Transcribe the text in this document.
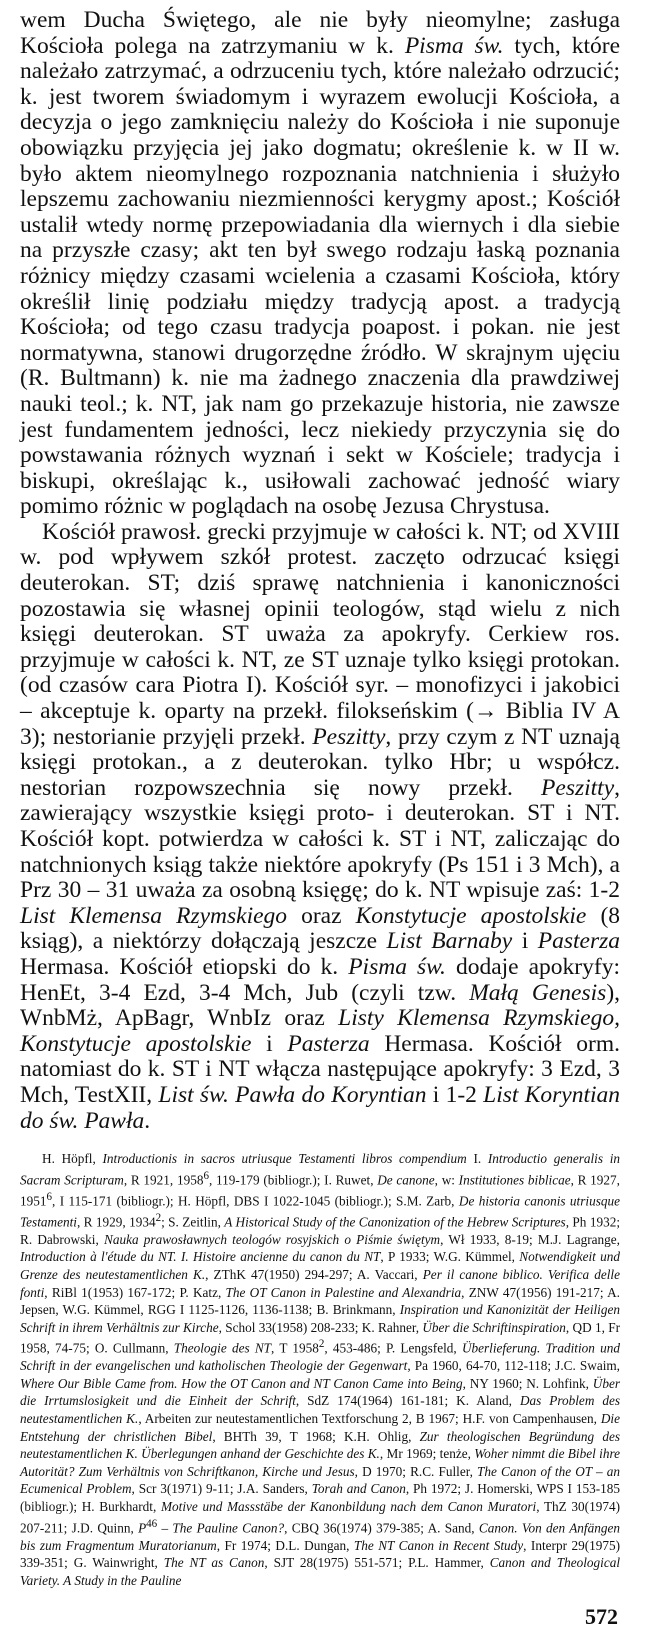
wem Ducha Świętego, ale nie były nieomylne; zasługa Kościoła polega na zatrzymaniu w k. Pisma św. tych, które należało zatrzymać, a odrzuceniu tych, które należało odrzucić; k. jest tworem świadomym i wyrazem ewolucji Kościoła, a decyzja o jego zamknięciu należy do Kościoła i nie suponuje obowiązku przyjęcia jej jako dogmatu; określenie k. w II w. było aktem nieomylnego rozpoznania natchnienia i służyło lepszemu zachowaniu niezmienności kerygmy apost.; Kościół ustalił wtedy normę przepowiadania dla wiernych i dla siebie na przyszłe czasy; akt ten był swego rodzaju łaską poznania różnicy między czasami wcielenia a czasami Kościoła, który określił linię podziału między tradycją apost. a tradycją Kościoła; od tego czasu tradycja poapost. i pokan. nie jest normatywna, stanowi drugorzędne źródło. W skrajnym ujęciu (R. Bultmann) k. nie ma żadnego znaczenia dla prawdziwej nauki teol.; k. NT, jak nam go przekazuje historia, nie zawsze jest fundamentem jedności, lecz niekiedy przyczynia się do powstawania różnych wyznań i sekt w Kościele; tradycja i biskupi, określając k., usiłowali zachować jedność wiary pomimo różnic w poglądach na osobę Jezusa Chrystusa.

Kościół prawosł. grecki przyjmuje w całości k. NT; od XVIII w. pod wpływem szkół protest. zaczęto odrzucać księgi deuterokan. ST; dziś sprawę natchnienia i kanoniczności pozostawia się własnej opinii teologów, stąd wielu z nich księgi deuterokan. ST uważa za apokryfy. Cerkiew ros. przyjmuje w całości k. NT, ze ST uznaje tylko księgi protokan. (od czasów cara Piotra I). Kościół syr. – monofizyci i jakobici – akceptuje k. oparty na przekł. filokseńskim (→ Biblia IV A 3); nestorianie przyjęli przekł. Peszitty, przy czym z NT uznają księgi protokan., a z deuterokan. tylko Hbr; u współcz. nestorian rozpowszechnia się nowy przekł. Peszitty, zawierający wszystkie księgi proto- i deuterokan. ST i NT. Kościół kopt. potwierdza w całości k. ST i NT, zaliczając do natchnionych ksiąg także niektóre apokryfy (Ps 151 i 3 Mch), a Prz 30 – 31 uważa za osobną księgę; do k. NT wpisuje zaś: 1-2 List Klemensa Rzymskiego oraz Konstytucje apostolskie (8 ksiąg), a niektórzy dołączają jeszcze List Barnaby i Pasterza Hermasa. Kościół etiopski do k. Pisma św. dodaje apokryfy: HenEt, 3-4 Ezd, 3-4 Mch, Jub (czyli tzw. Małą Genesis), WnbMż, ApBagr, WnbIz oraz Listy Klemensa Rzymskiego, Konstytucje apostolskie i Pasterza Hermasa. Kościół orm. natomiast do k. ST i NT włącza następujące apokryfy: 3 Ezd, 3 Mch, TestXII, List św. Pawła do Koryntian i 1-2 List Koryntian do św. Pawła.

H. Höpfl, Introductionis in sacros utriusque Testamenti libros compendium I. Introductio generalis in Sacram Scripturam, R 1921, 1958$^6$, 119-179 (bibliogr.); I. Ruwet, De canone, w: Institutiones biblicae, R 1927, 1951$^6$, I 115-171 (bibliogr.); H. Höpfl, DBS I 1022-1045 (bibliogr.); S.M. Zarb, De historia canonis utriusque Testamenti, R 1929, 1934$^2$; S. Zeitlin, A Historical Study of the Canonization of the Hebrew Scriptures, Ph 1932; R. Dabrowski, Nauka prawosławnych teologów rosyjskich o Piśmie świętym, Wł 1933, 8-19; M.J. Lagrange, Introduction à l'étude du NT. I. Histoire ancienne du canon du NT, P 1933; W.G. Kümmel, Notwendigkeit und Grenze des neutestamentlichen K., ZThK 47(1950) 294-297; A. Vaccari, Per il canone biblico. Verifica delle fonti, RiBl 1(1953) 167-172; P. Katz, The OT Canon in Palestine and Alexandria, ZNW 47(1956) 191-217; A. Jepsen, W.G. Kümmel, RGG I 1125-1126, 1136-1138; B. Brinkmann, Inspiration und Kanonizität der Heiligen Schrift in ihrem Verhältnis zur Kirche, Schol 33(1958) 208-233; K. Rahner, Über die Schriftinspiration, QD 1, Fr 1958, 74-75; O. Cullmann, Theologie des NT, T 1958$^2$, 453-486; P. Lengsfeld, Überlieferung. Tradition und Schrift in der evangelischen und katholischen Theologie der Gegenwart, Pa 1960, 64-70, 112-118; J.C. Swaim, Where Our Bible Came from. How the OT Canon and NT Canon Came into Being, NY 1960; N. Lohfink, Über die Irrtumslosigkeit und die Einheit der Schrift, SdZ 174(1964) 161-181; K. Aland, Das Problem des neutestamentlichen K., Arbeiten zur neutestamentlichen Textforschung 2, B 1967; H.F. von Campenhausen, Die Entstehung der christlichen Bibel, BHTh 39, T 1968; K.H. Ohlig, Zur theologischen Begründung des neutestamentlichen K. Überlegungen anhand der Geschichte des K., Mr 1969; tenże, Woher nimmt die Bibel ihre Autorität? Zum Verhältnis von Schriftkanon, Kirche und Jesus, D 1970; R.C. Fuller, The Canon of the OT – an Ecumenical Problem, Scr 3(1971) 9-11; J.A. Sanders, Torah and Canon, Ph 1972; J. Homerski, WPS I 153-185 (bibliogr.); H. Burkhardt, Motive und Massstäbe der Kanonbildung nach dem Canon Muratori, ThZ 30(1974) 207-211; J.D. Quinn, $P^{46}$ – The Pauline Canon?, CBQ 36(1974) 379-385; A. Sand, Canon. Von den Anfängen bis zum Fragmentum Muratorianum, Fr 1974; D.L. Dungan, The NT Canon in Recent Study, Interpr 29(1975) 339-351; G. Wainwright, The NT as Canon, SJT 28(1975) 551-571; P.L. Hammer, Canon and Theological Variety. A Study in the Pauline

572
